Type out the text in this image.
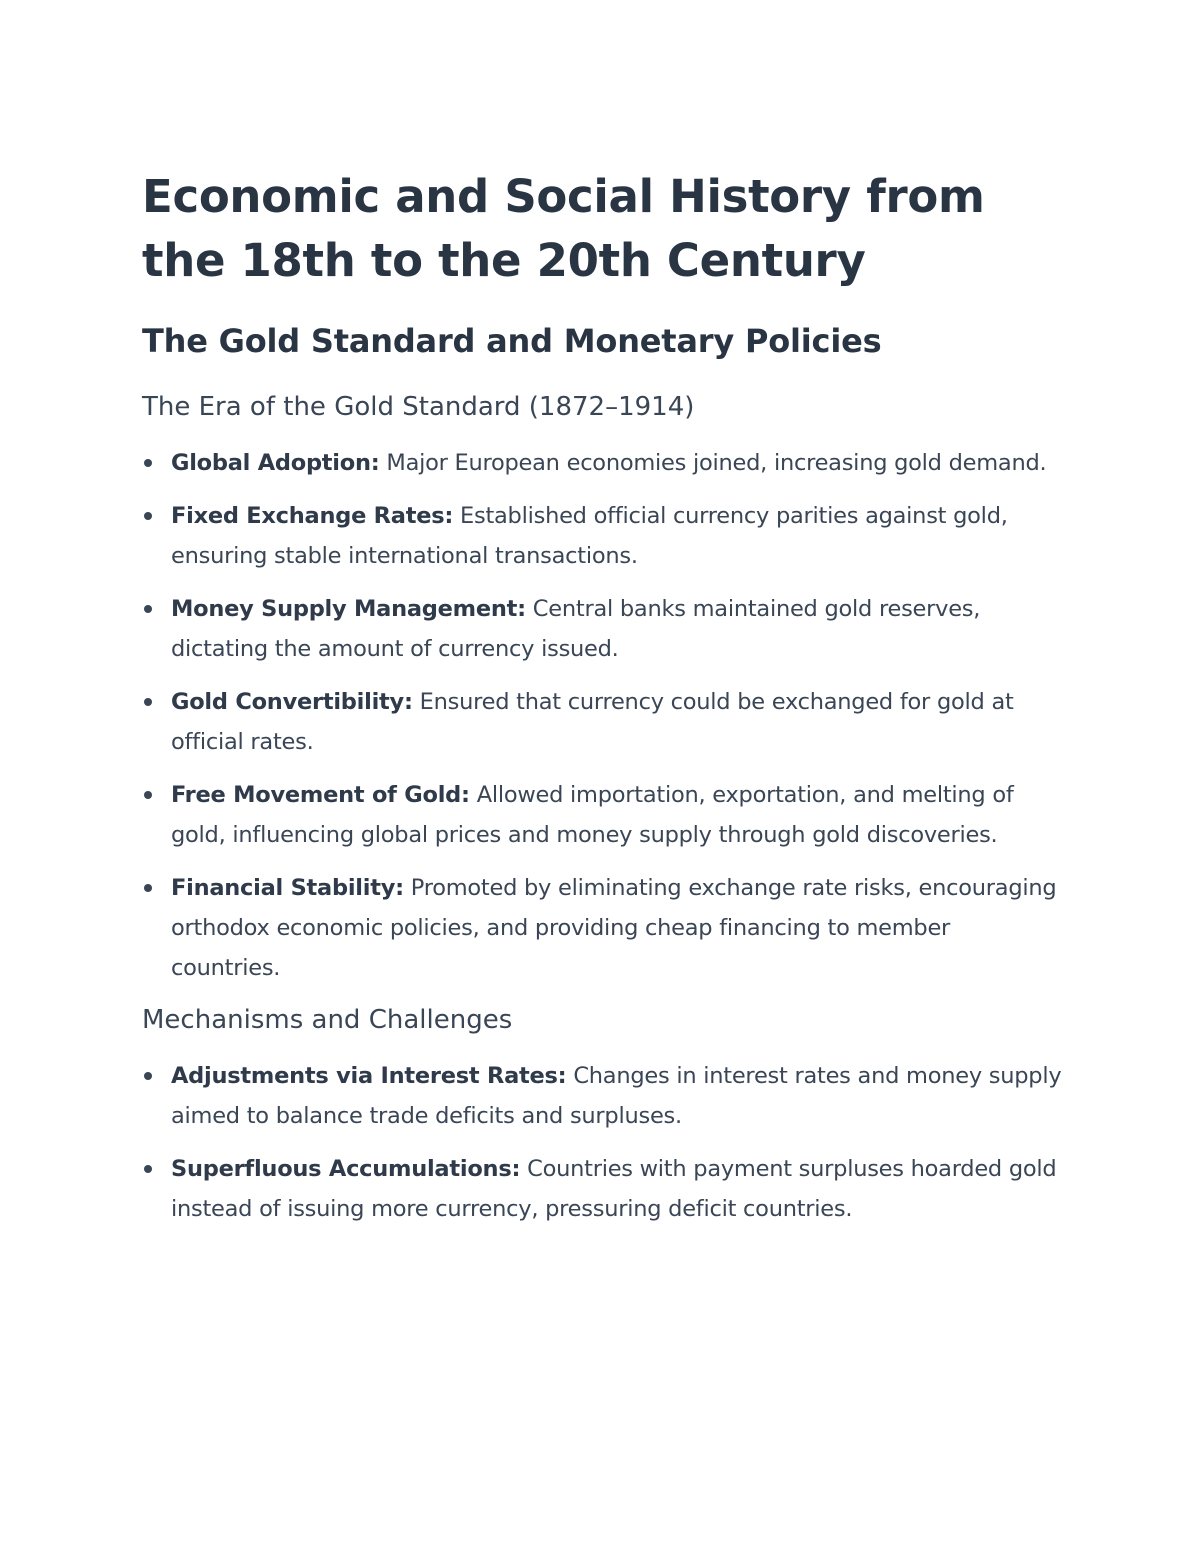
Economic and Social History from the 18th to the 20th Century
The Gold Standard and Monetary Policies
The Era of the Gold Standard (1872–1914)
Global Adoption: Major European economies joined, increasing gold demand.
Fixed Exchange Rates: Established official currency parities against gold, ensuring stable international transactions.
Money Supply Management: Central banks maintained gold reserves, dictating the amount of currency issued.
Gold Convertibility: Ensured that currency could be exchanged for gold at official rates.
Free Movement of Gold: Allowed importation, exportation, and melting of gold, influencing global prices and money supply through gold discoveries.
Financial Stability: Promoted by eliminating exchange rate risks, encouraging orthodox economic policies, and providing cheap financing to member countries.
Mechanisms and Challenges
Adjustments via Interest Rates: Changes in interest rates and money supply aimed to balance trade deficits and surpluses.
Superfluous Accumulations: Countries with payment surpluses hoarded gold instead of issuing more currency, pressuring deficit countries.
